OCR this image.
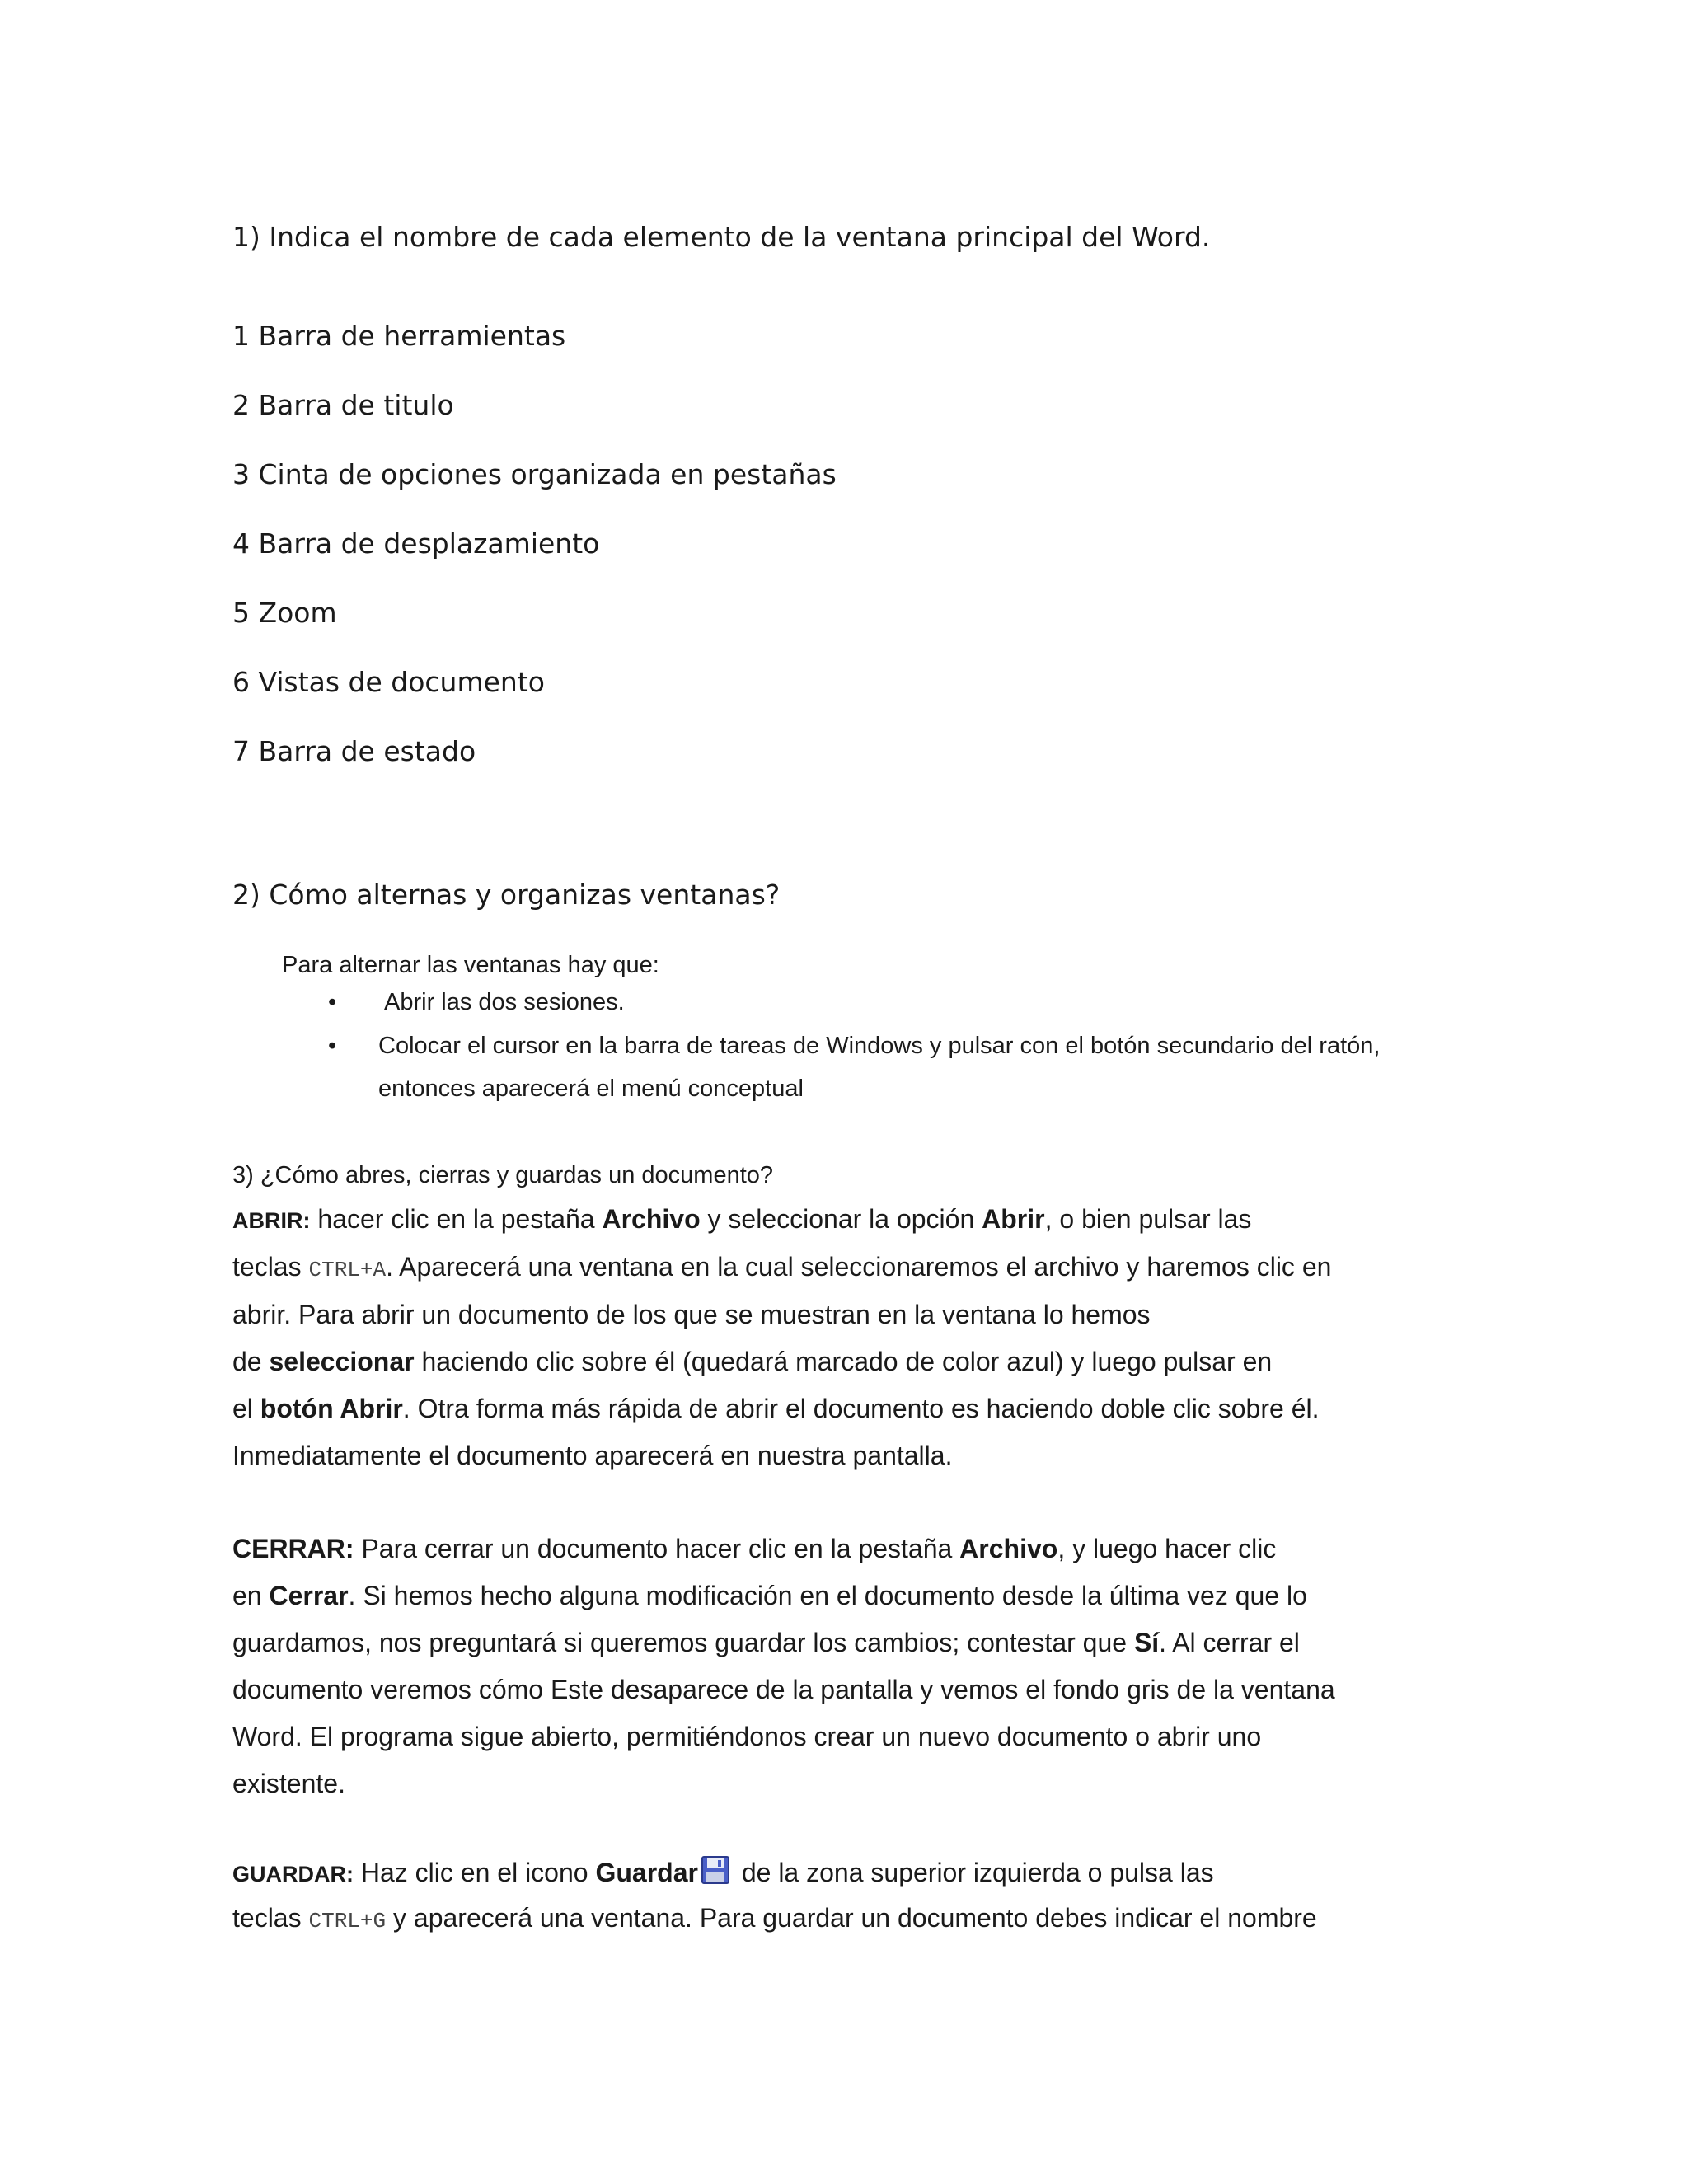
1) Indica el nombre de cada elemento de la ventana principal del Word.
1 Barra de herramientas
2 Barra de titulo
3 Cinta de opciones organizada en pestañas
4 Barra de desplazamiento
5 Zoom
6 Vistas de documento
7 Barra de estado
2) Cómo alternas y organizas ventanas?
Para alternar las ventanas hay que:
• Abrir las dos sesiones.
• Colocar el cursor en la barra de tareas de Windows y pulsar con el botón secundario del ratón,
entonces aparecerá el menú conceptual
3) ¿Cómo abres, cierras y guardas un documento?
ABRIR: hacer clic en la pestaña Archivo y seleccionar la opción Abrir, o bien pulsar las
teclas CTRL+A. Aparecerá una ventana en la cual seleccionaremos el archivo y haremos clic en
abrir. Para abrir un documento de los que se muestran en la ventana lo hemos
de seleccionar haciendo clic sobre él (quedará marcado de color azul) y luego pulsar en
el botón Abrir. Otra forma más rápida de abrir el documento es haciendo doble clic sobre él.
Inmediatamente el documento aparecerá en nuestra pantalla.
CERRAR: Para cerrar un documento hacer clic en la pestaña Archivo, y luego hacer clic
en Cerrar. Si hemos hecho alguna modificación en el documento desde la última vez que lo
guardamos, nos preguntará si queremos guardar los cambios; contestar que Sí. Al cerrar el
documento veremos cómo Este desaparece de la pantalla y vemos el fondo gris de la ventana
Word. El programa sigue abierto, permitiéndonos crear un nuevo documento o abrir uno
existente.
GUARDAR: Haz clic en el icono Guardar de la zona superior izquierda o pulsa las
teclas CTRL+G y aparecerá una ventana. Para guardar un documento debes indicar el nombre
